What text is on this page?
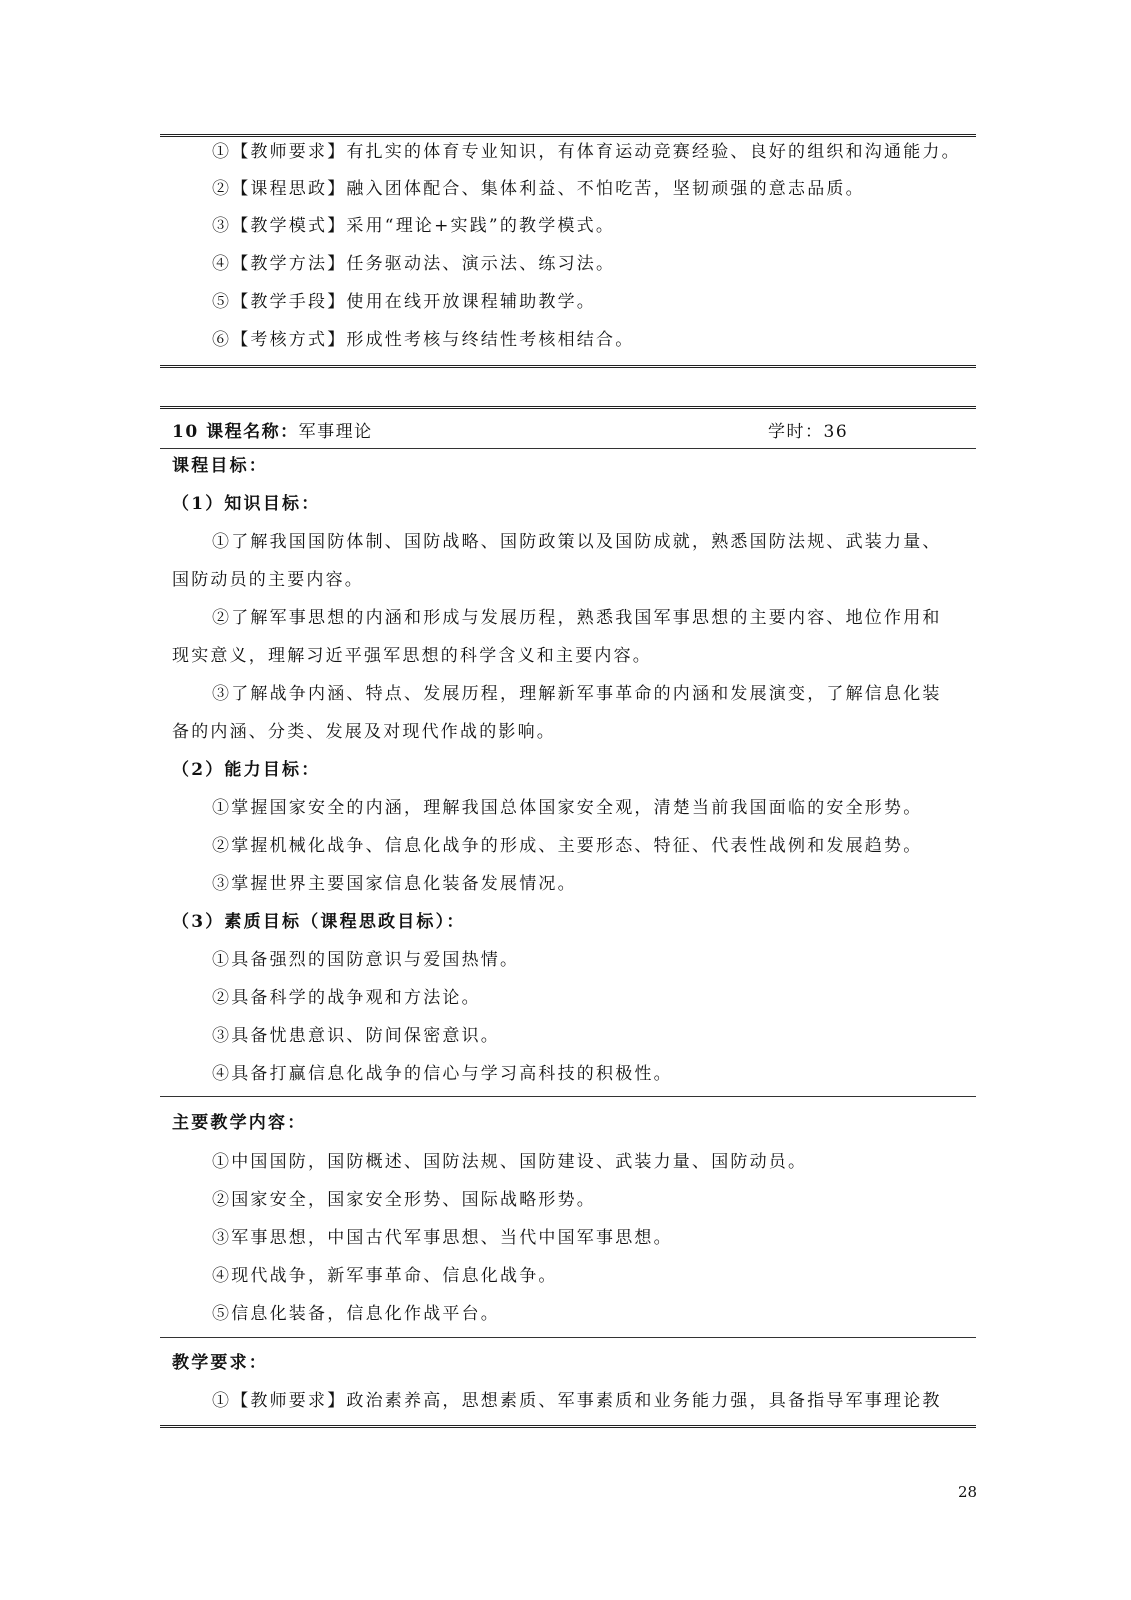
①【教师要求】有扎实的体育专业知识，有体育运动竞赛经验、良好的组织和沟通能力。
②【课程思政】融入团体配合、集体利益、不怕吃苦，坚韧顽强的意志品质。
③【教学模式】采用“理论+实践”的教学模式。
④【教学方法】任务驱动法、演示法、练习法。
⑤【教学手段】使用在线开放课程辅助教学。
⑥【考核方式】形成性考核与终结性考核相结合。
10 课程名称：军事理论	学时：36
课程目标：
（1）知识目标：
①了解我国国防体制、国防战略、国防政策以及国防成就，熟悉国防法规、武装力量、
国防动员的主要内容。
②了解军事思想的内涵和形成与发展历程，熟悉我国军事思想的主要内容、地位作用和
现实意义，理解习近平强军思想的科学含义和主要内容。
③了解战争内涵、特点、发展历程，理解新军事革命的内涵和发展演变，了解信息化装
备的内涵、分类、发展及对现代作战的影响。
（2）能力目标：
①掌握国家安全的内涵，理解我国总体国家安全观，清楚当前我国面临的安全形势。
②掌握机械化战争、信息化战争的形成、主要形态、特征、代表性战例和发展趋势。
③掌握世界主要国家信息化装备发展情况。
（3）素质目标（课程思政目标）：
①具备强烈的国防意识与爱国热情。
②具备科学的战争观和方法论。
③具备忧患意识、防间保密意识。
④具备打赢信息化战争的信心与学习高科技的积极性。
主要教学内容：
①中国国防，国防概述、国防法规、国防建设、武装力量、国防动员。
②国家安全，国家安全形势、国际战略形势。
③军事思想，中国古代军事思想、当代中国军事思想。
④现代战争，新军事革命、信息化战争。
⑤信息化装备，信息化作战平台。
教学要求：
①【教师要求】政治素养高，思想素质、军事素质和业务能力强，具备指导军事理论教
28
